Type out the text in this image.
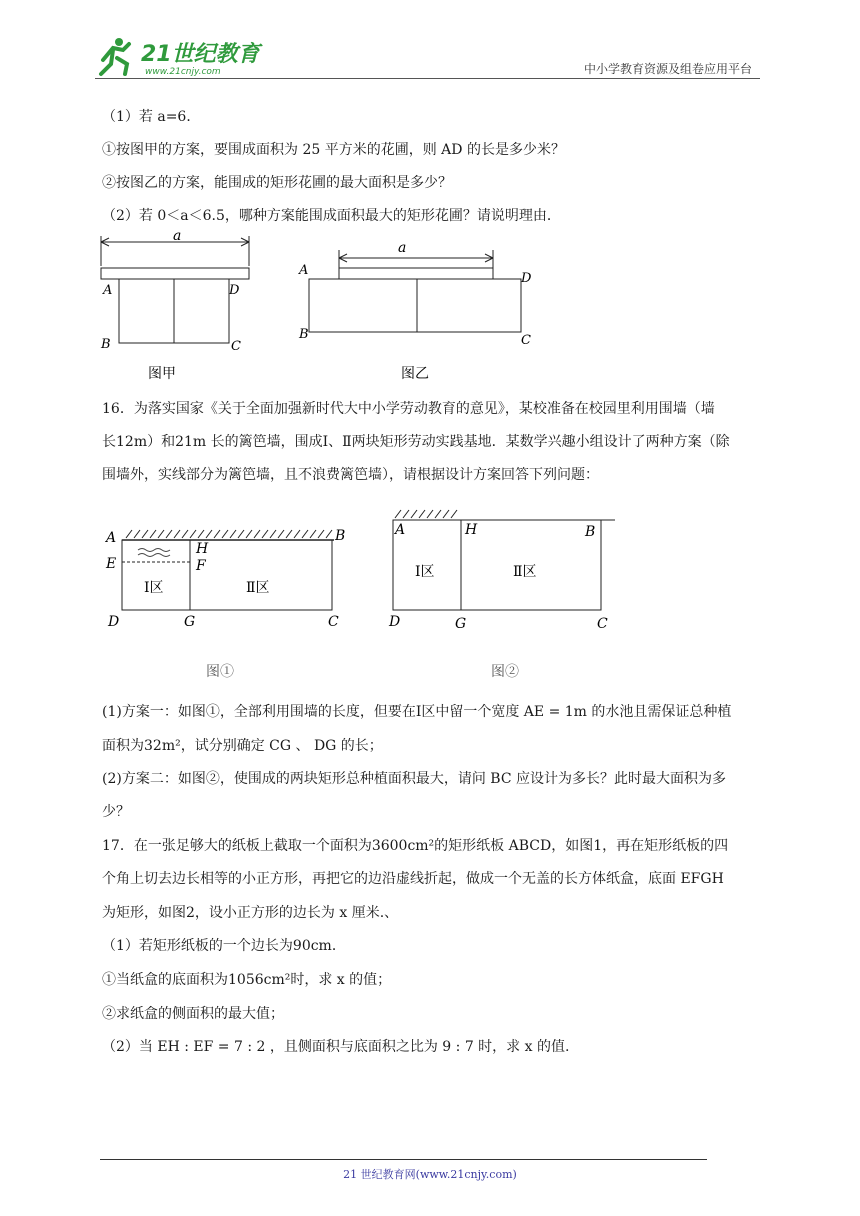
21世纪教育
www.21cnjy.com	中小学教育资源及组卷应用平台
（1）若 a=6．
①按图甲的方案，要围成面积为 25 平方米的花圃，则 AD 的长是多少米？
②按图乙的方案，能围成的矩形花圃的最大面积是多少？
（2）若 0＜a＜6.5，哪种方案能围成面积最大的矩形花圃？请说明理由．
a
A	D
B	C
图甲
a
A
D
B	C
图乙
16．为落实国家《关于全面加强新时代大中小学劳动教育的意见》，某校准备在校园里利用围墙（墙
长12m）和21m 长的篱笆墙，围成Ⅰ、Ⅱ两块矩形劳动实践基地．某数学兴趣小组设计了两种方案（除
围墙外，实线部分为篱笆墙，且不浪费篱笆墙），请根据设计方案回答下列问题：
A	B
E
H
F
D	G	C
Ⅰ区	Ⅱ区
图①
A	H	B
D	G	C
Ⅰ区	Ⅱ区
图②
(1)方案一：如图①，全部利用围墙的长度，但要在Ⅰ区中留一个宽度 AE = 1m 的水池且需保证总种植
面积为32m²，试分别确定 CG 、 DG 的长；
(2)方案二：如图②，使围成的两块矩形总种植面积最大，请问 BC 应设计为多长？此时最大面积为多
少？
17．在一张足够大的纸板上截取一个面积为3600cm²的矩形纸板 ABCD，如图1，再在矩形纸板的四
个角上切去边长相等的小正方形，再把它的边沿虚线折起，做成一个无盖的长方体纸盒，底面 EFGH
为矩形，如图2，设小正方形的边长为 x 厘米.、
（1）若矩形纸板的一个边长为90cm．
①当纸盒的底面积为1056cm²时，求 x 的值；
②求纸盒的侧面积的最大值；
（2）当 EH : EF = 7 : 2 ，且侧面积与底面积之比为 9 : 7 时，求 x 的值.
21 世纪教育网(www.21cnjy.com)
